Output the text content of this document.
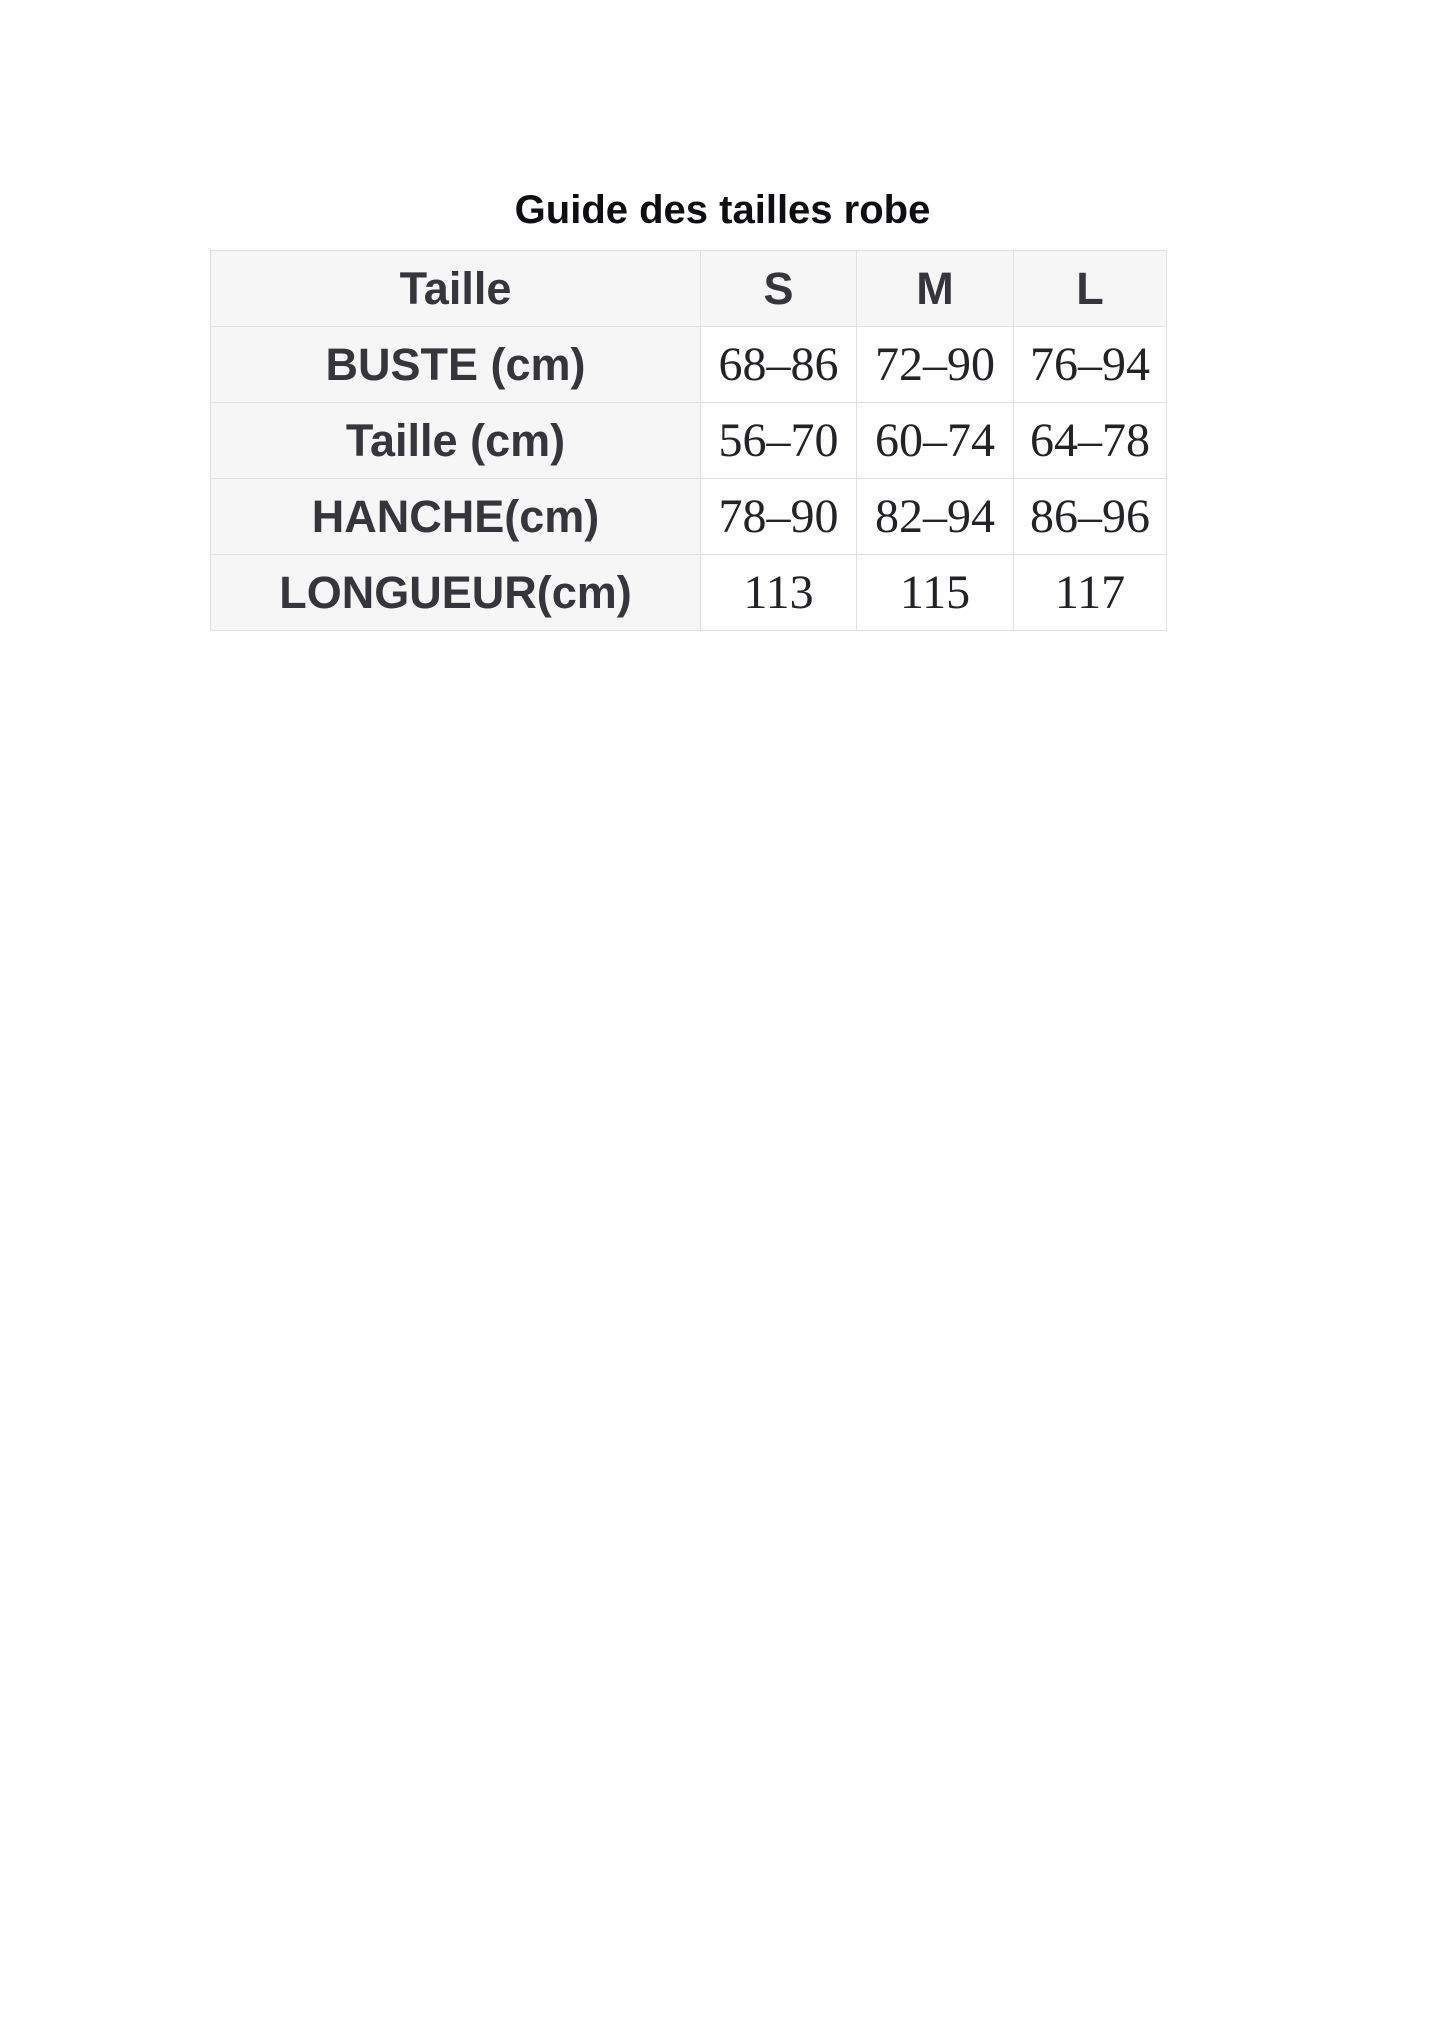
Guide des tailles robe
Taille	S	M	L
BUSTE (cm)	68–86	72–90	76–94
Taille (cm)	56–70	60–74	64–78
HANCHE(cm)	78–90	82–94	86–96
LONGUEUR(cm)	113	115	117
